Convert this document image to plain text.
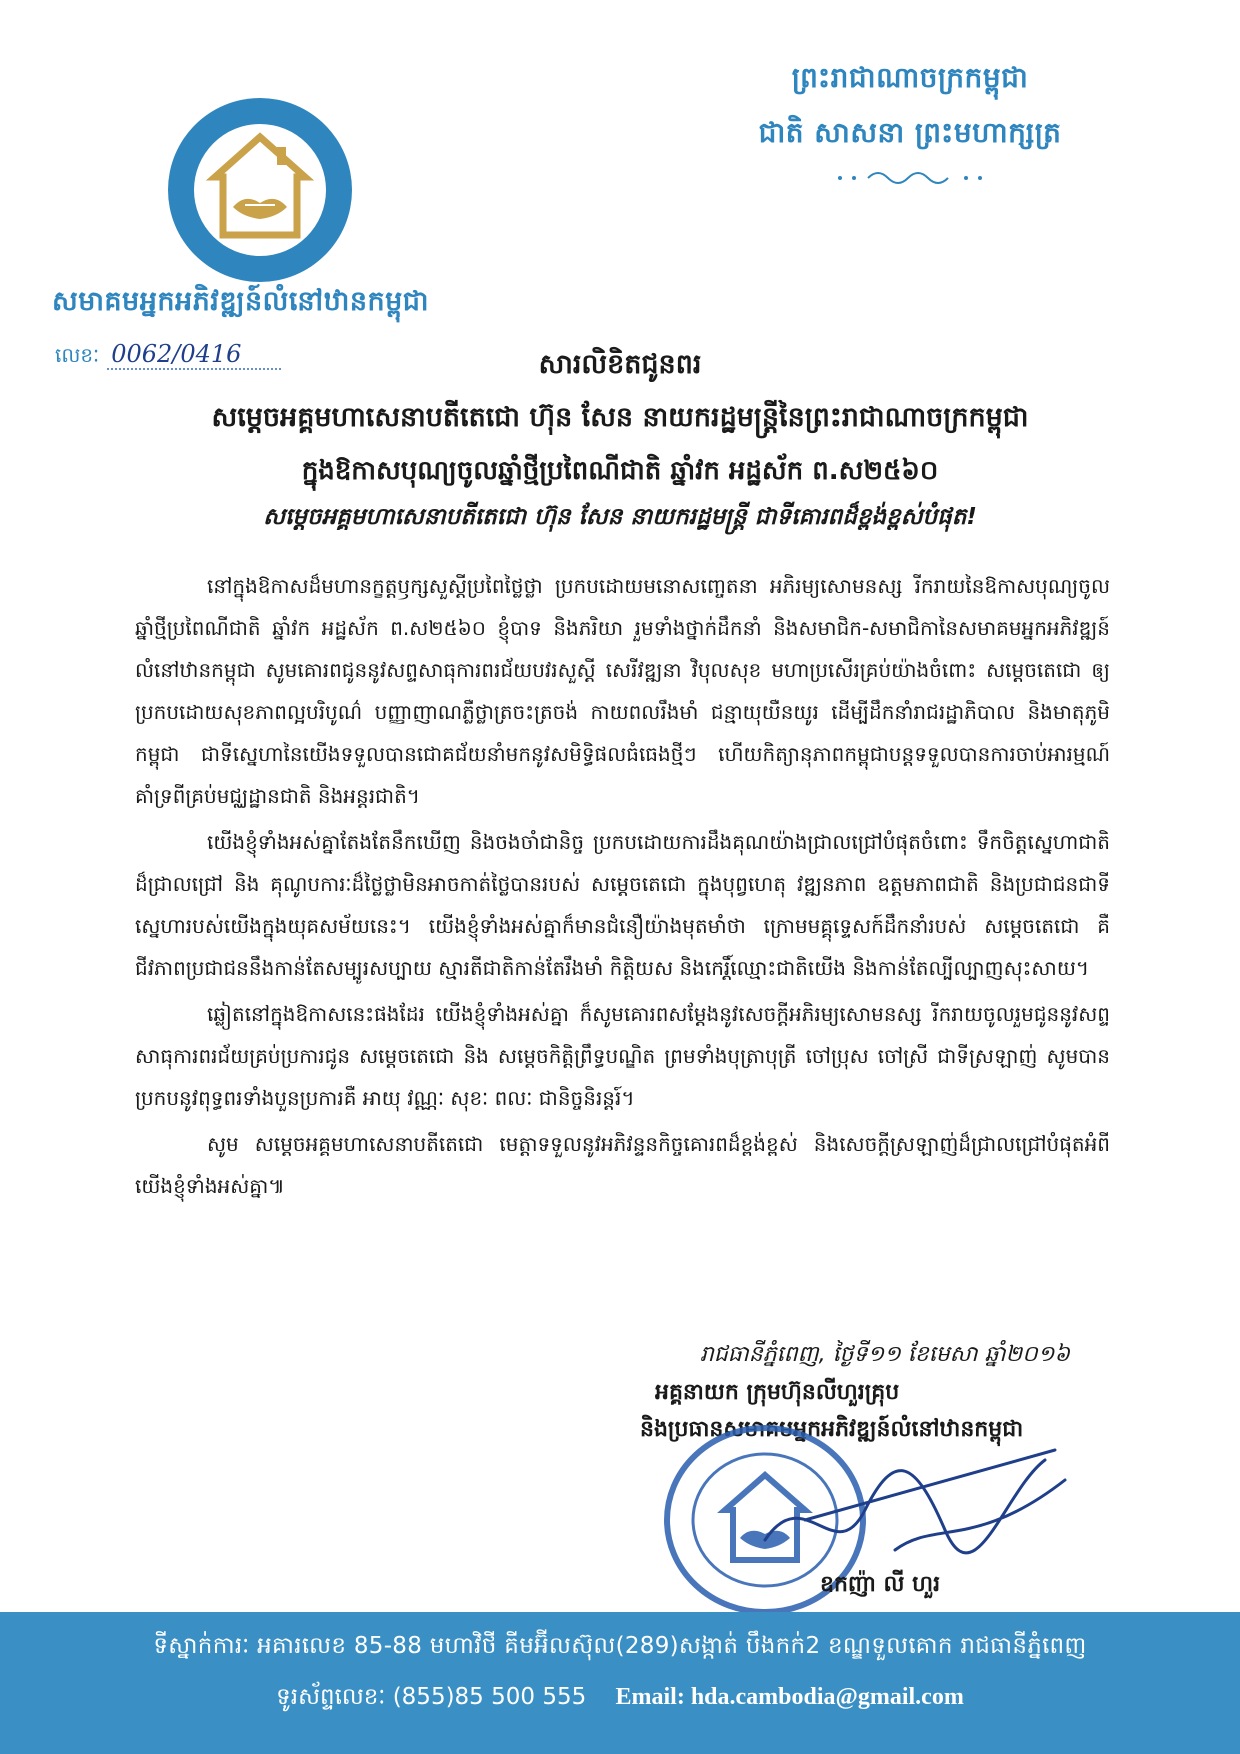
សមាគមអ្នកអភិវឌ្ឍន៍លំនៅឋានកម្ពុជា
លេខៈ 0062/0416
ព្រះរាជាណាចក្រកម្ពុជា
ជាតិ សាសនា ព្រះមហាក្សត្រ
សារលិខិតជូនពរ
សម្តេចអគ្គមហាសេនាបតីតេជោ ហ៊ុន សែន នាយករដ្ឋមន្ត្រីនៃព្រះរាជាណាចក្រកម្ពុជា
ក្នុងឱកាសបុណ្យចូលឆ្នាំថ្មីប្រពៃណីជាតិ ឆ្នាំវក អដ្ឋស័ក ព.ស២៥៦០
សម្តេចអគ្គមហាសេនាបតីតេជោ ហ៊ុន សែន នាយករដ្ឋមន្ត្រី ជាទីគោរពដ៏ខ្ពង់ខ្ពស់បំផុត!

នៅក្នុងឱកាសដ៏មហានក្ខត្តឫក្សសួស្តីប្រពៃថ្លៃថ្លា ប្រកបដោយមនោសញ្ចេតនា អភិរម្យសោមនស្ស រីករាយនៃឱកាសបុណ្យចូលឆ្នាំថ្មីប្រពៃណីជាតិ ឆ្នាំវក អដ្ឋស័ក ព.ស២៥៦០ ខ្ញុំបាទ និងភរិយា រួមទាំងថ្នាក់ដឹកនាំ និងសមាជិក-សមាជិកានៃសមាគមអ្នកអភិវឌ្ឍន៍លំនៅឋានកម្ពុជា សូមគោរពជូននូវសព្ទសាធុការពរជ័យបវរសួស្តី សេរីវឌ្ឍនា វិបុលសុខ មហាប្រសើរគ្រប់យ៉ាងចំពោះ សម្តេចតេជោ ឲ្យប្រកបដោយសុខភាពល្អបរិបូណ៌ បញ្ញាញាណភ្លឺថ្លាត្រចះត្រចង់ កាយពលរឹងមាំ ជន្មាយុយឺនយូរ ដើម្បីដឹកនាំរាជរដ្ឋាភិបាល និងមាតុភូមិកម្ពុជា ជាទីស្នេហានៃយើងទទួលបានជោគជ័យនាំមកនូវសមិទ្ធិផលធំធេងថ្មីៗ ហើយកិត្យានុភាពកម្ពុជាបន្តទទួលបានការចាប់អារម្មណ៍គាំទ្រពីគ្រប់មជ្ឈដ្ឋានជាតិ និងអន្តរជាតិ។

យើងខ្ញុំទាំងអស់គ្នាតែងតែនឹកឃើញ និងចងចាំជានិច្ច ប្រកបដោយការដឹងគុណយ៉ាងជ្រាលជ្រៅបំផុតចំពោះ ទឹកចិត្តស្នេហាជាតិដ៏ជ្រាលជ្រៅ និង គុណូបការៈដ៏ថ្លៃថ្លាមិនអាចកាត់ថ្លៃបានរបស់ សម្តេចតេជោ ក្នុងបុព្វហេតុ វឌ្ឍនភាព ឧត្តមភាពជាតិ និងប្រជាជនជាទីស្នេហារបស់យើងក្នុងយុគសម័យនេះ។ យើងខ្ញុំទាំងអស់គ្នាក៏មានជំនឿយ៉ាងមុតមាំថា ក្រោមមគ្គុទ្ទេសក៍ដឹកនាំរបស់ សម្តេចតេជោ គឺជីវភាពប្រជាជននឹងកាន់តែសម្បូរសប្បាយ ស្មារតីជាតិកាន់តែរឹងមាំ កិត្តិយស និងកេរ្តិ៍ឈ្មោះជាតិយើង និងកាន់តែល្បីល្បាញសុះសាយ។

ឆ្លៀតនៅក្នុងឱកាសនេះផងដែរ យើងខ្ញុំទាំងអស់គ្នា ក៏សូមគោរពសម្តែងនូវសេចក្តីអភិរម្យសោមនស្ស រីករាយចូលរួមជូននូវសព្ទសាធុការពរជ័យគ្រប់ប្រការជូន សម្តេចតេជោ និង សម្តេចកិត្តិព្រឹទ្ធបណ្ឌិត ព្រមទាំងបុត្រាបុត្រី ចៅប្រុស ចៅស្រី ជាទីស្រឡាញ់ សូមបានប្រកបនូវពុទ្ធពរទាំងបួនប្រការគឺ អាយុ វណ្ណៈ សុខៈ ពលៈ ជានិច្ចនិរន្តរ៍។

សូម សម្តេចអគ្គមហាសេនាបតីតេជោ មេត្តាទទួលនូវអភិវន្ទនកិច្ចគោរពដ៏ខ្ពង់ខ្ពស់ និងសេចក្តីស្រឡាញ់ដ៏ជ្រាលជ្រៅបំផុតអំពីយើងខ្ញុំទាំងអស់គ្នា៕

រាជធានីភ្នំពេញ, ថ្ងៃទី១១ ខែមេសា ឆ្នាំ២០១៦
អគ្គនាយក ក្រុមហ៊ុនលីហួរគ្រុប
និងប្រធានសមាគមអ្នកអភិវឌ្ឍន៍លំនៅឋានកម្ពុជា
ឧកញ៉ា លី ហួរ
ទីស្នាក់ការៈ អគារលេខ 85-88 មហាវិថី គីមអ៊ីលស៊ុល(289)សង្កាត់ បឹងកក់2 ខណ្ឌទួលគោក រាជធានីភ្នំពេញ
ទូរស័ព្ទលេខៈ (855)85 500 555 Email: hda.cambodia@gmail.com
